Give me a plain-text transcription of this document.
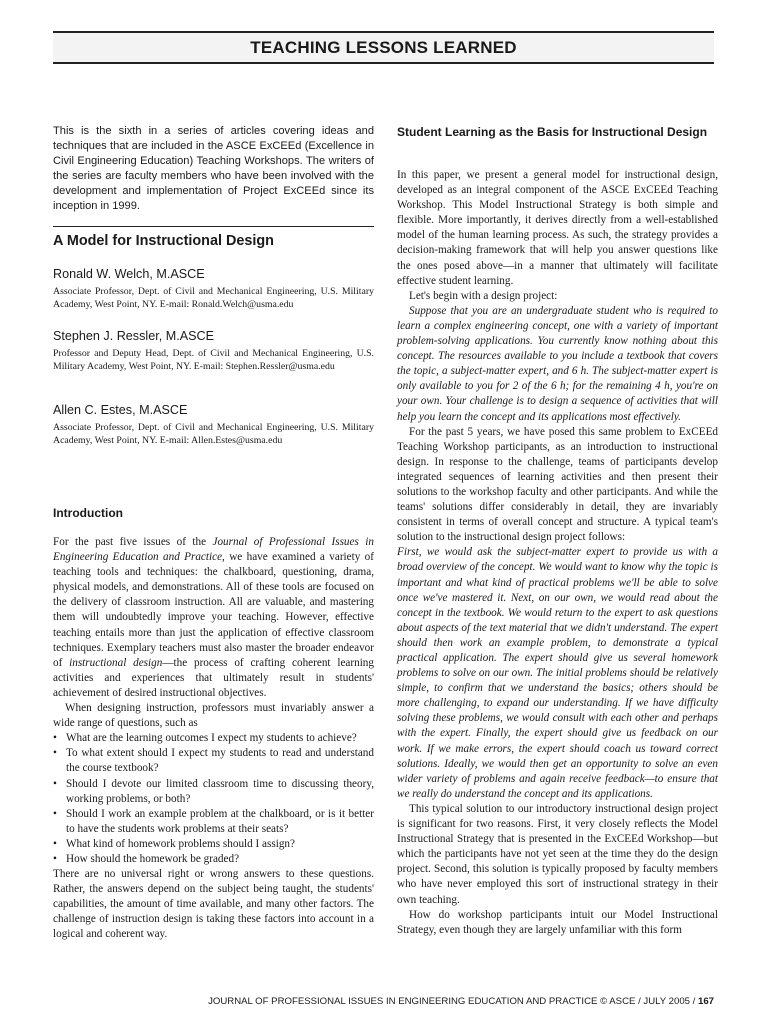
TEACHING LESSONS LEARNED
This is the sixth in a series of articles covering ideas and techniques that are included in the ASCE ExCEEd (Excellence in Civil Engineering Education) Teaching Workshops. The writers of the series are faculty members who have been involved with the development and implementation of Project ExCEEd since its inception in 1999.
A Model for Instructional Design
Ronald W. Welch, M.ASCE
Associate Professor, Dept. of Civil and Mechanical Engineering, U.S. Military Academy, West Point, NY. E-mail: Ronald.Welch@usma.edu
Stephen J. Ressler, M.ASCE
Professor and Deputy Head, Dept. of Civil and Mechanical Engineering, U.S. Military Academy, West Point, NY. E-mail: Stephen.Ressler@usma.edu
Allen C. Estes, M.ASCE
Associate Professor, Dept. of Civil and Mechanical Engineering, U.S. Military Academy, West Point, NY. E-mail: Allen.Estes@usma.edu
Introduction

For the past five issues of the Journal of Professional Issues in Engineering Education and Practice, we have examined a variety of teaching tools and techniques: the chalkboard, questioning, drama, physical models, and demonstrations. All of these tools are focused on the delivery of classroom instruction. All are valuable, and mastering them will undoubtedly improve your teaching. However, effective teaching entails more than just the application of effective classroom techniques. Exemplary teachers must also master the broader endeavor of instructional design—the process of crafting coherent learning activities and experiences that ultimately result in students' achievement of desired instructional objectives.

When designing instruction, professors must invariably answer a wide range of questions, such as

• What are the learning outcomes I expect my students to achieve?
• To what extent should I expect my students to read and understand the course textbook?
• Should I devote our limited classroom time to discussing theory, working problems, or both?
• Should I work an example problem at the chalkboard, or is it better to have the students work problems at their seats?
• What kind of homework problems should I assign?
• How should the homework be graded?

There are no universal right or wrong answers to these questions. Rather, the answers depend on the subject being taught, the students' capabilities, the amount of time available, and many other factors. The challenge of instruction design is taking these factors into account in a logical and coherent way.

Student Learning as the Basis for Instructional Design

In this paper, we present a general model for instructional design, developed as an integral component of the ASCE ExCEEd Teaching Workshop. This Model Instructional Strategy is both simple and flexible. More importantly, it derives directly from a well-established model of the human learning process. As such, the strategy provides a decision-making framework that will help you answer questions like the ones posed above—in a manner that ultimately will facilitate effective student learning.

Let's begin with a design project:

Suppose that you are an undergraduate student who is required to learn a complex engineering concept, one with a variety of important problem-solving applications. You currently know nothing about this concept. The resources available to you include a textbook that covers the topic, a subject-matter expert, and 6 h. The subject-matter expert is only available to you for 2 of the 6 h; for the remaining 4 h, you're on your own. Your challenge is to design a sequence of activities that will help you learn the concept and its applications most effectively.

For the past 5 years, we have posed this same problem to ExCEEd Teaching Workshop participants, as an introduction to instructional design. In response to the challenge, teams of participants develop integrated sequences of learning activities and then present their solutions to the workshop faculty and other participants. And while the teams' solutions differ considerably in detail, they are invariably consistent in terms of overall concept and structure. A typical team's solution to the instructional design project follows:

First, we would ask the subject-matter expert to provide us with a broad overview of the concept. We would want to know why the topic is important and what kind of practical problems we'll be able to solve once we've mastered it. Next, on our own, we would read about the concept in the textbook. We would return to the expert to ask questions about aspects of the text material that we didn't understand. The expert should then work an example problem, to demonstrate a typical practical application. The expert should give us several homework problems to solve on our own. The initial problems should be relatively simple, to confirm that we understand the basics; others should be more challenging, to expand our understanding. If we have difficulty solving these problems, we would consult with each other and perhaps with the expert. Finally, the expert should give us feedback on our work. If we make errors, the expert should coach us toward correct solutions. Ideally, we would then get an opportunity to solve an even wider variety of problems and again receive feedback—to ensure that we really do understand the concept and its applications.

This typical solution to our introductory instructional design project is significant for two reasons. First, it very closely reflects the Model Instructional Strategy that is presented in the ExCEEd Workshop—but which the participants have not yet seen at the time they do the design project. Second, this solution is typically proposed by faculty members who have never employed this sort of instructional strategy in their own teaching.

How do workshop participants intuit our Model Instructional Strategy, even though they are largely unfamiliar with this form

JOURNAL OF PROFESSIONAL ISSUES IN ENGINEERING EDUCATION AND PRACTICE © ASCE / JULY 2005 / 167
